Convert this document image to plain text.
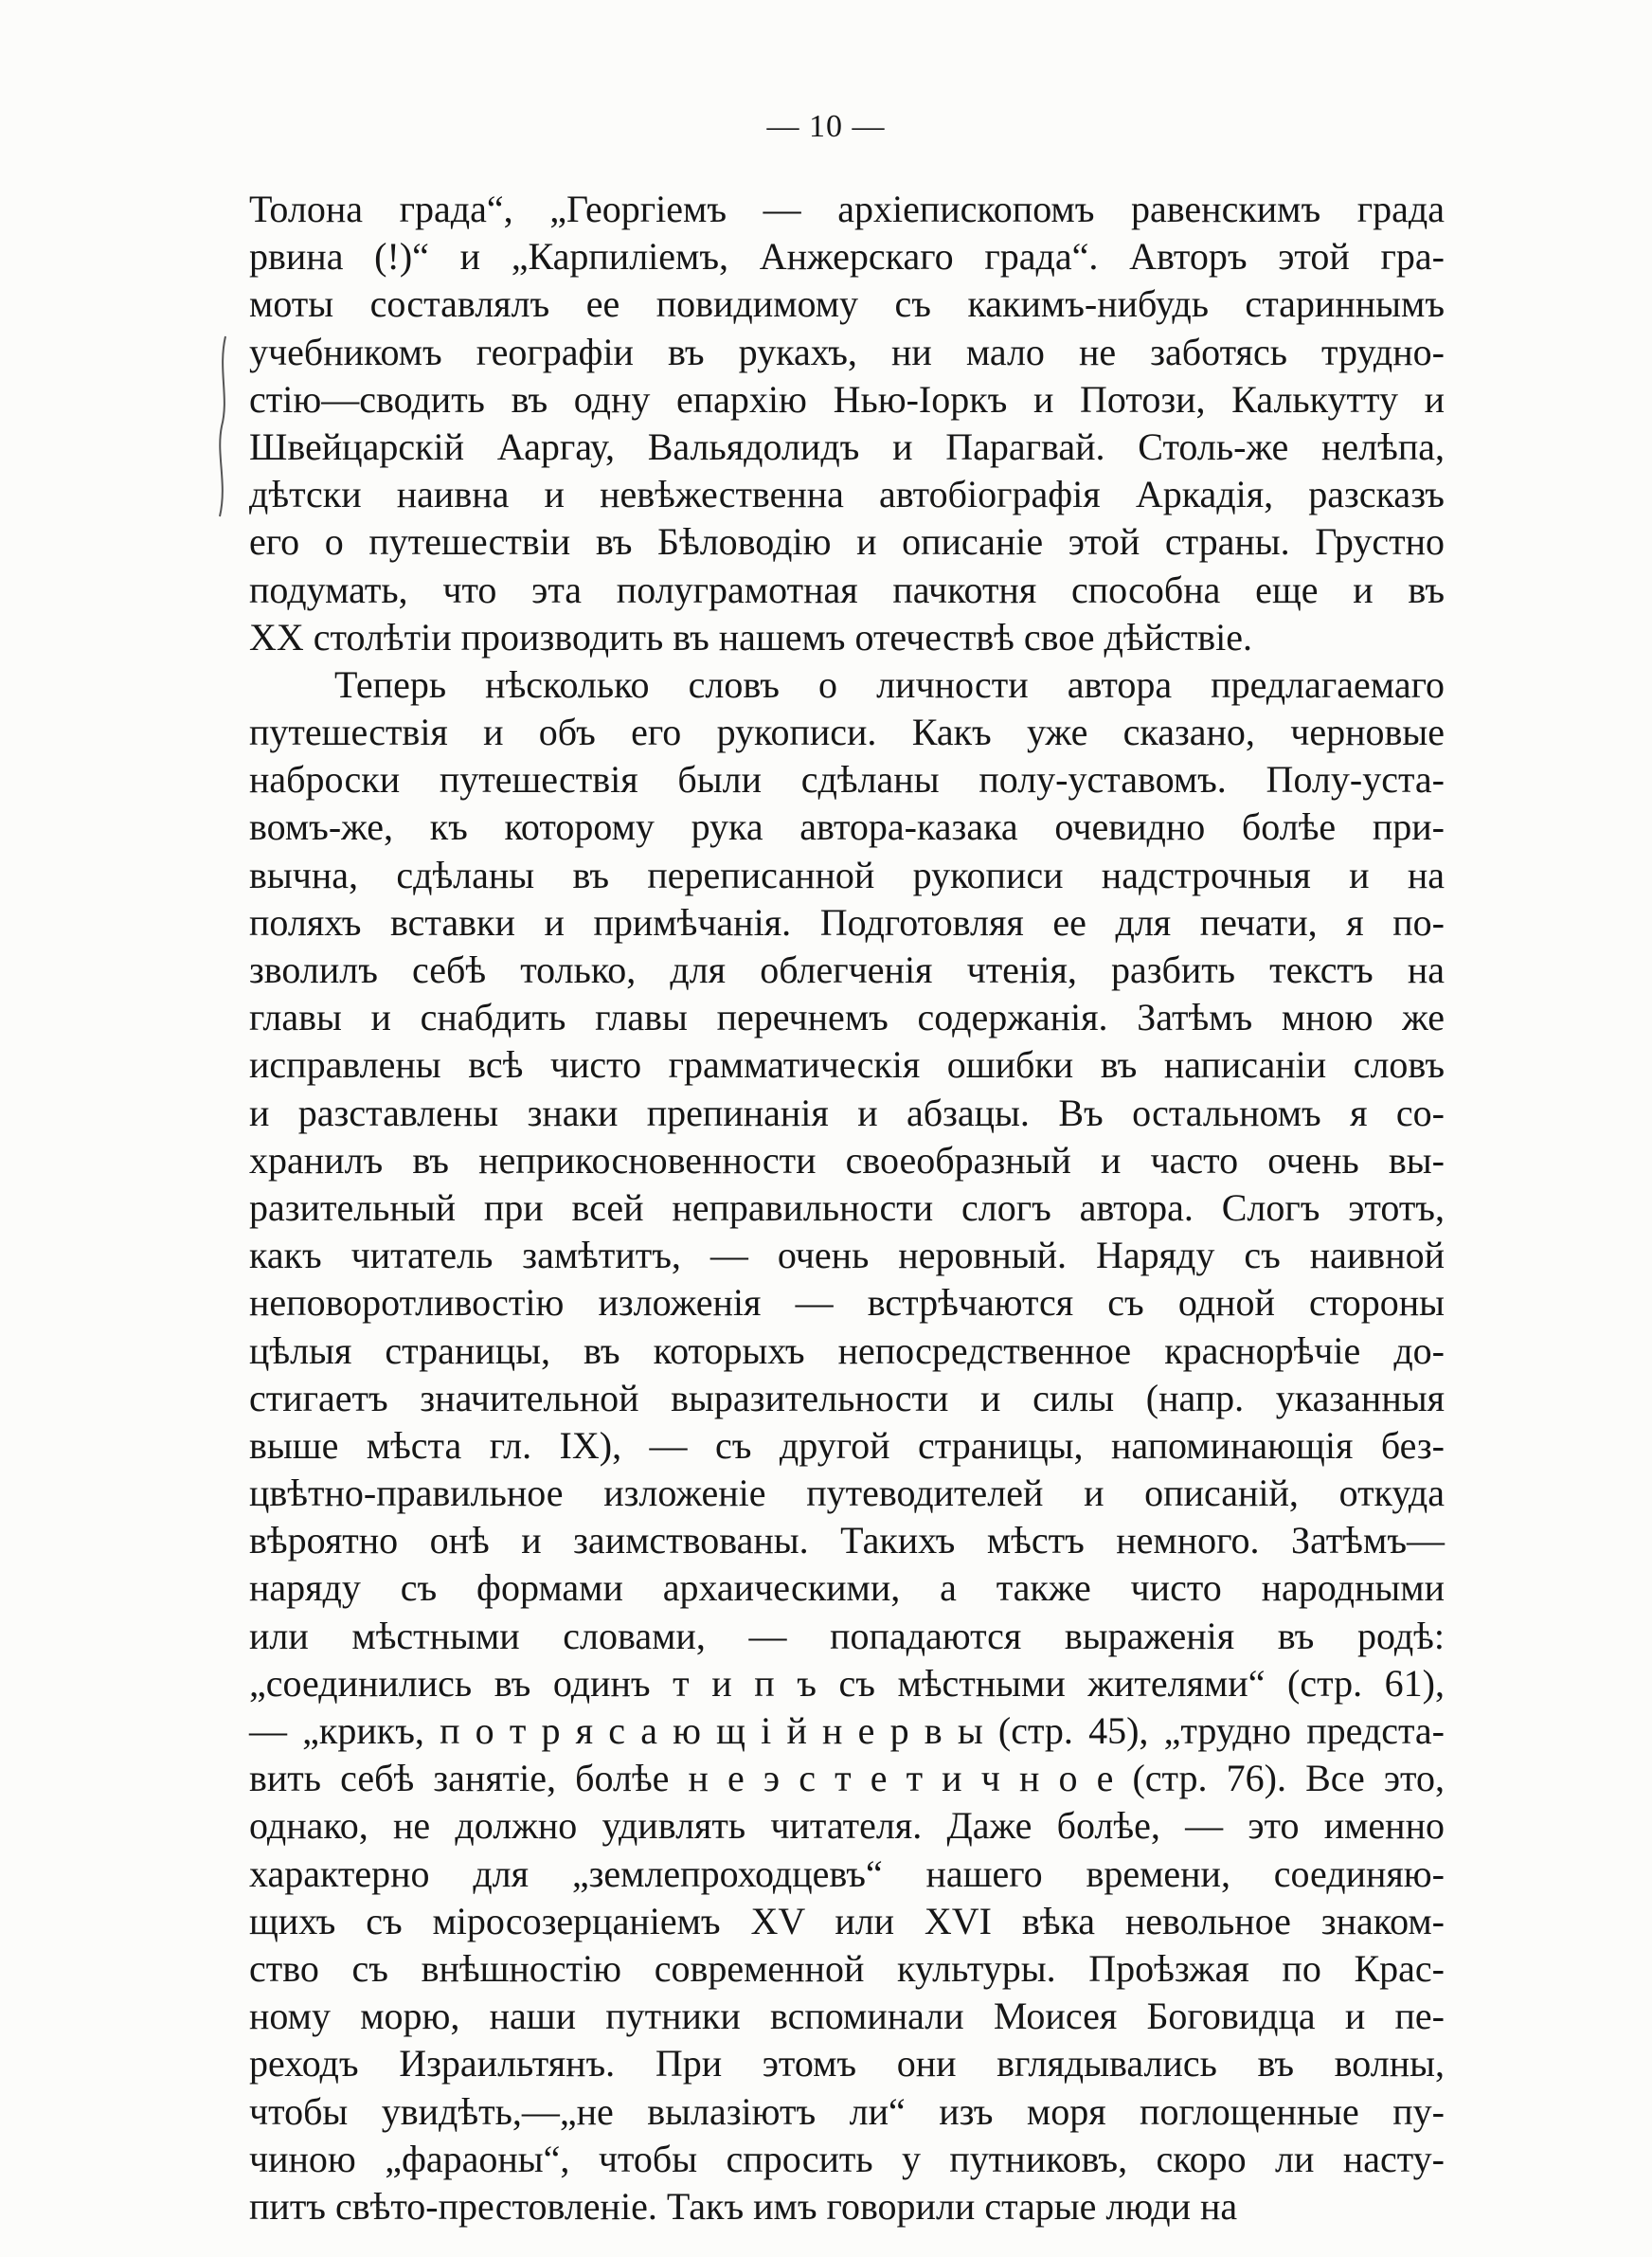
— 10 —
Толона града“, „Георгіемъ — архіепископомъ равенскимъ града
рвина (!)“ и „Карпиліемъ, Анжерскаго града“. Авторъ этой гра-
моты составлялъ ее повидимому съ какимъ-нибудь стариннымъ
учебникомъ географіи въ рукахъ, ни мало не заботясь трудно-
стію—сводить въ одну епархію Нью-Іоркъ и Потози, Калькутту и
Швейцарскій Ааргау, Вальядолидъ и Парагвай. Столь-же нелѣпа,
дѣтски наивна и невѣжественна автобіографія Аркадія, разсказъ
его о путешествіи въ Бѣловодію и описаніе этой страны. Грустно
подумать, что эта полуграмотная пачкотня способна еще и въ
XX столѣтіи производить въ нашемъ отечествѣ свое дѣйствіе.
Теперь нѣсколько словъ о личности автора предлагаемаго
путешествія и объ его рукописи. Какъ уже сказано, черновые
наброски путешествія были сдѣланы полу-уставомъ. Полу-уста-
вомъ-же, къ которому рука автора-казака очевидно болѣе при-
вычна, сдѣланы въ переписанной рукописи надстрочныя и на
поляхъ вставки и примѣчанія. Подготовляя ее для печати, я по-
зволилъ себѣ только, для облегченія чтенія, разбить текстъ на
главы и снабдить главы перечнемъ содержанія. Затѣмъ мною же
исправлены всѣ чисто грамматическія ошибки въ написаніи словъ
и разставлены знаки препинанія и абзацы. Въ остальномъ я со-
хранилъ въ неприкосновенности своеобразный и часто очень вы-
разительный при всей неправильности слогъ автора. Слогъ этотъ,
какъ читатель замѣтитъ, — очень неровный. Наряду съ наивной
неповоротливостію изложенія — встрѣчаются съ одной стороны
цѣлыя страницы, въ которыхъ непосредственное краснорѣчіе до-
стигаетъ значительной выразительности и силы (напр. указанныя
выше мѣста гл. IX), — съ другой страницы, напоминающія без-
цвѣтно-правильное изложеніе путеводителей и описаній, откуда
вѣроятно онѣ и заимствованы. Такихъ мѣстъ немного. Затѣмъ—
наряду съ формами архаическими, а также чисто народными
или мѣстными словами, — попадаются выраженія въ родѣ:
„соединились въ одинъ т и п ъ съ мѣстными жителями“ (стр. 61),
— „крикъ, п о т р я с а ю щ і й н е р в ы (стр. 45), „трудно предста-
вить себѣ занятіе, болѣе н е э с т е т и ч н о е (стр. 76). Все это,
однако, не должно удивлять читателя. Даже болѣе, — это именно
характерно для „землепроходцевъ“ нашего времени, соединяю-
щихъ съ міросозерцаніемъ XV или XVI вѣка невольное знаком-
ство съ внѣшностію современной культуры. Проѣзжая по Крас-
ному морю, наши путники вспоминали Моисея Боговидца и пе-
реходъ Израильтянъ. При этомъ они вглядывались въ волны,
чтобы увидѣть,—„не вылазіютъ ли“ изъ моря поглощенные пу-
чиною „фараоны“, чтобы спросить у путниковъ, скоро ли насту-
питъ свѣто-престовленіе. Такъ имъ говорили старые люди на
